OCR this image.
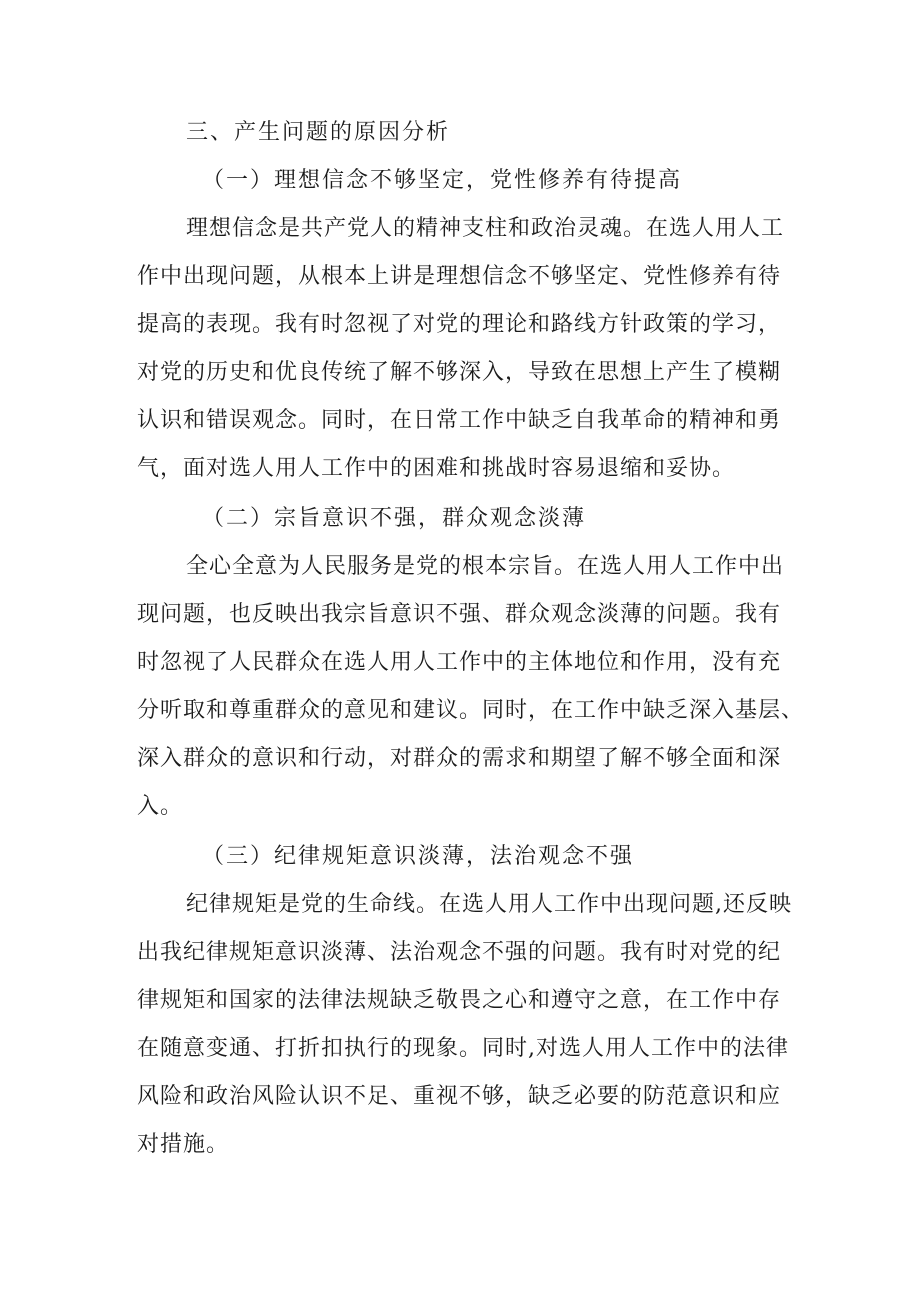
三、产生问题的原因分析
（一）理想信念不够坚定，党性修养有待提高
理想信念是共产党人的精神支柱和政治灵魂。在选人用人工
作中出现问题，从根本上讲是理想信念不够坚定、党性修养有待
提高的表现。我有时忽视了对党的理论和路线方针政策的学习，
对党的历史和优良传统了解不够深入，导致在思想上产生了模糊
认识和错误观念。同时，在日常工作中缺乏自我革命的精神和勇
气，面对选人用人工作中的困难和挑战时容易退缩和妥协。
（二）宗旨意识不强，群众观念淡薄
全心全意为人民服务是党的根本宗旨。在选人用人工作中出
现问题，也反映出我宗旨意识不强、群众观念淡薄的问题。我有
时忽视了人民群众在选人用人工作中的主体地位和作用，没有充
分听取和尊重群众的意见和建议。同时，在工作中缺乏深入基层、
深入群众的意识和行动，对群众的需求和期望了解不够全面和深
入。
（三）纪律规矩意识淡薄，法治观念不强
纪律规矩是党的生命线。在选人用人工作中出现问题,还反映
出我纪律规矩意识淡薄、法治观念不强的问题。我有时对党的纪
律规矩和国家的法律法规缺乏敬畏之心和遵守之意，在工作中存
在随意变通、打折扣执行的现象。同时,对选人用人工作中的法律
风险和政治风险认识不足、重视不够，缺乏必要的防范意识和应
对措施。
